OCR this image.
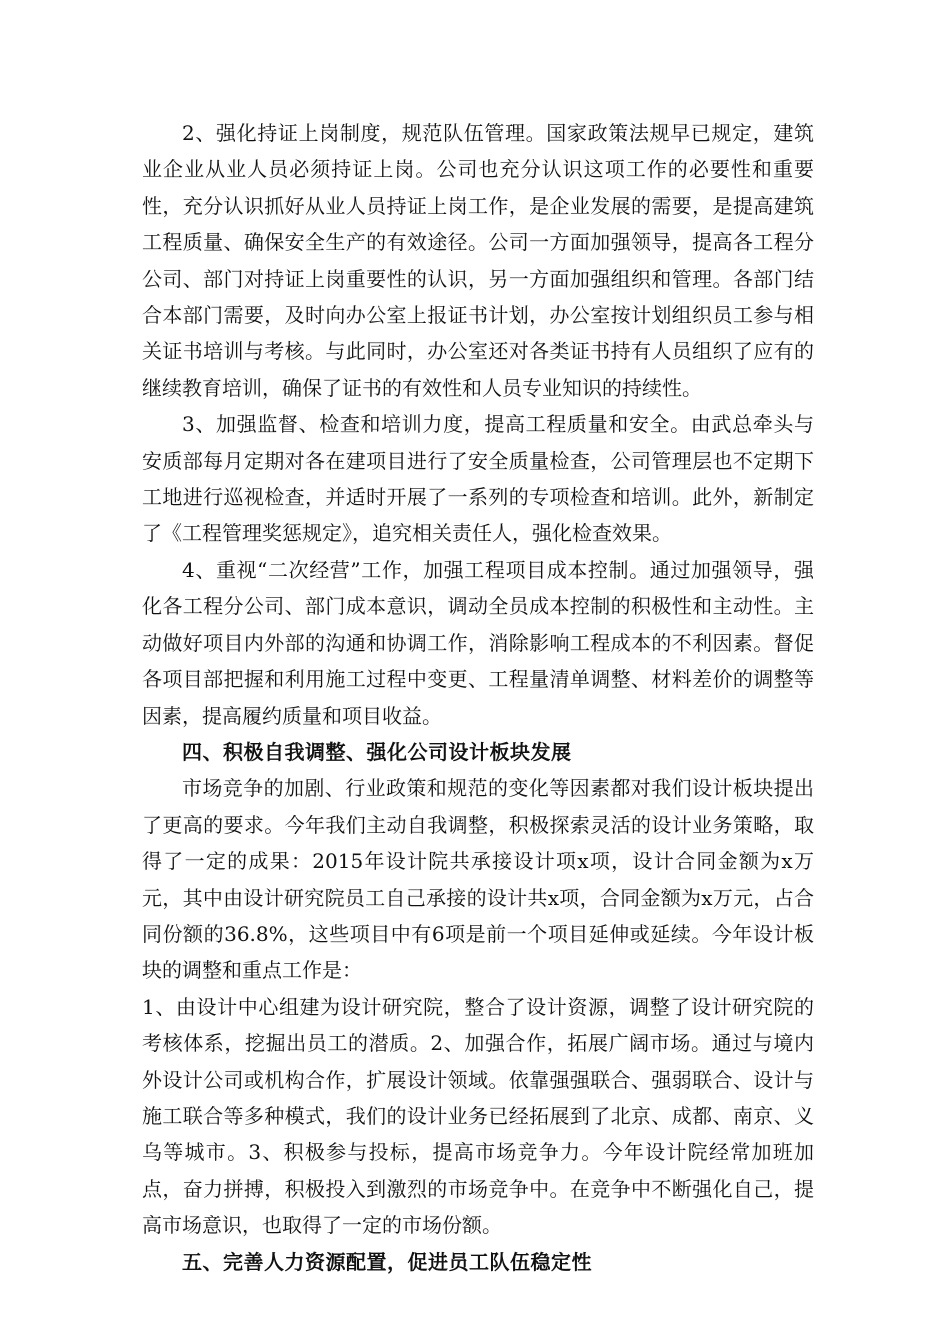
2、强化持证上岗制度，规范队伍管理。国家政策法规早已规定，建筑业企业从业人员必须持证上岗。公司也充分认识这项工作的必要性和重要性，充分认识抓好从业人员持证上岗工作，是企业发展的需要，是提高建筑工程质量、确保安全生产的有效途径。公司一方面加强领导，提高各工程分公司、部门对持证上岗重要性的认识，另一方面加强组织和管理。各部门结合本部门需要，及时向办公室上报证书计划，办公室按计划组织员工参与相关证书培训与考核。与此同时，办公室还对各类证书持有人员组织了应有的继续教育培训，确保了证书的有效性和人员专业知识的持续性。

3、加强监督、检查和培训力度，提高工程质量和安全。由武总牵头与安质部每月定期对各在建项目进行了安全质量检查，公司管理层也不定期下工地进行巡视检查，并适时开展了一系列的专项检查和培训。此外，新制定了《工程管理奖惩规定》，追究相关责任人，强化检查效果。

4、重视“二次经营”工作，加强工程项目成本控制。通过加强领导，强化各工程分公司、部门成本意识，调动全员成本控制的积极性和主动性。主动做好项目内外部的沟通和协调工作，消除影响工程成本的不利因素。督促各项目部把握和利用施工过程中变更、工程量清单调整、材料差价的调整等因素，提高履约质量和项目收益。

四、积极自我调整、强化公司设计板块发展

市场竞争的加剧、行业政策和规范的变化等因素都对我们设计板块提出了更高的要求。今年我们主动自我调整，积极探索灵活的设计业务策略，取得了一定的成果：2015年设计院共承接设计项x项，设计合同金额为x万元，其中由设计研究院员工自己承接的设计共x项，合同金额为x万元，占合同份额的36.8%，这些项目中有6项是前一个项目延伸或延续。今年设计板块的调整和重点工作是：

1、由设计中心组建为设计研究院，整合了设计资源，调整了设计研究院的考核体系，挖掘出员工的潜质。2、加强合作，拓展广阔市场。通过与境内外设计公司或机构合作，扩展设计领域。依靠强强联合、强弱联合、设计与施工联合等多种模式，我们的设计业务已经拓展到了北京、成都、南京、义乌等城市。3、积极参与投标，提高市场竞争力。今年设计院经常加班加点，奋力拼搏，积极投入到激烈的市场竞争中。在竞争中不断强化自己，提高市场意识，也取得了一定的市场份额。

五、完善人力资源配置，促进员工队伍稳定性
